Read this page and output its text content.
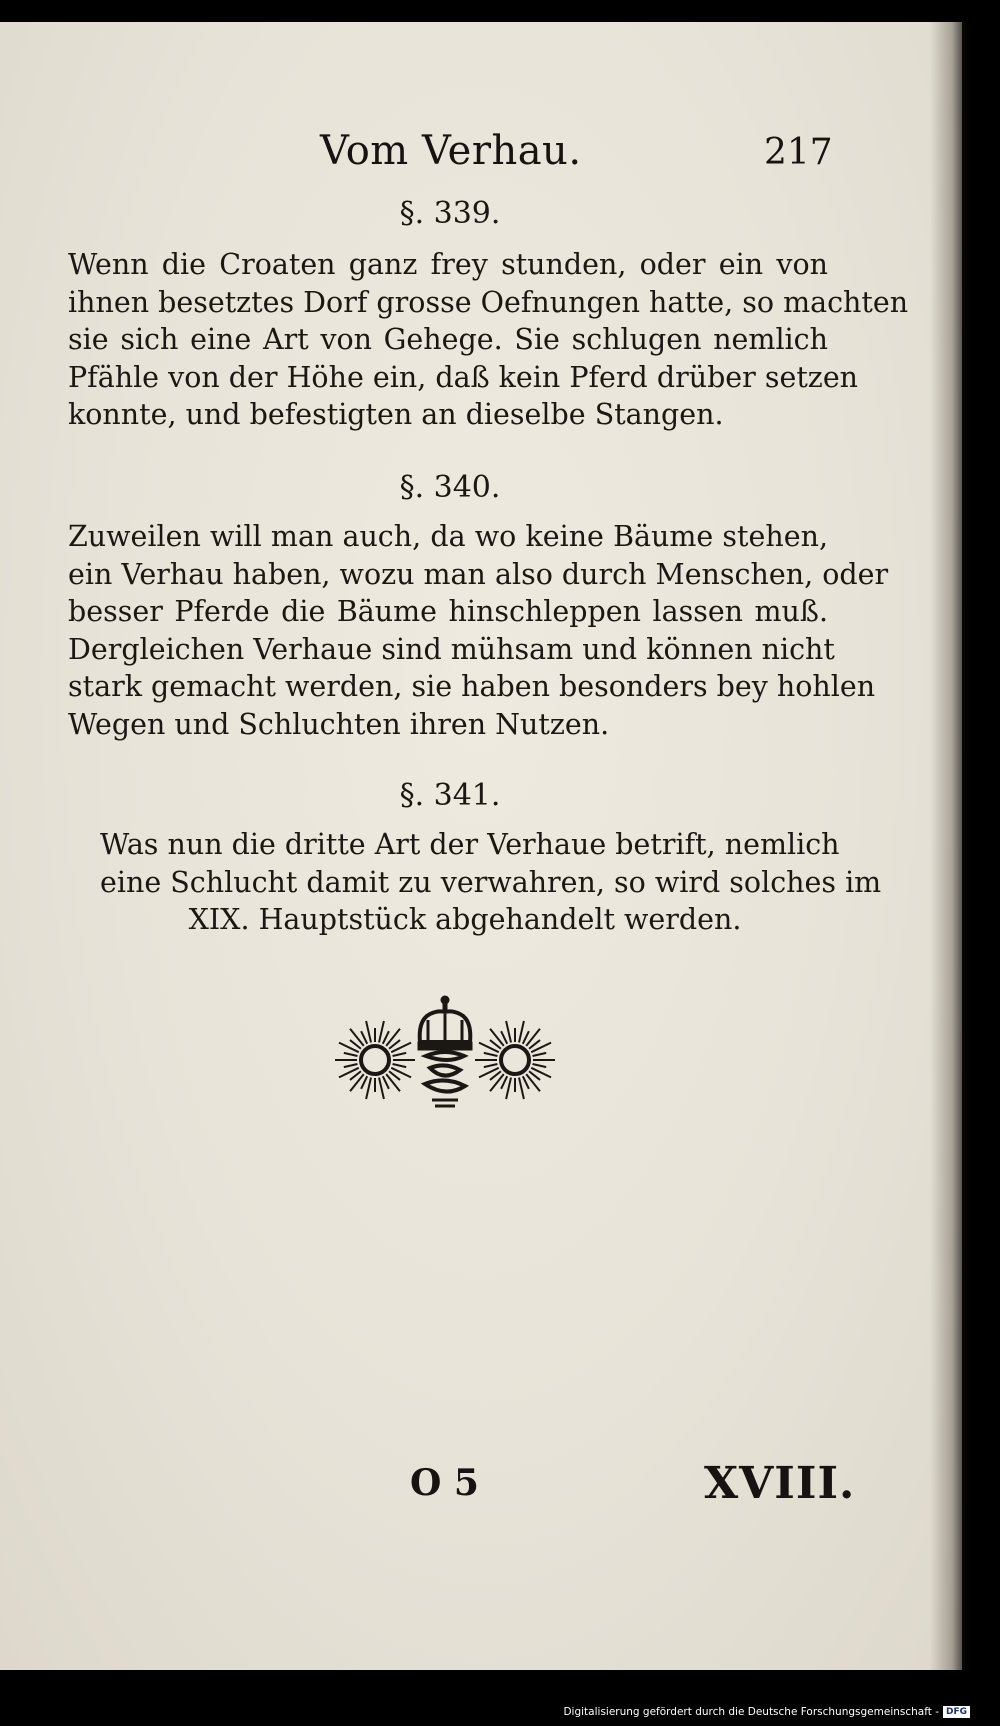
Vom Verhau.	217
§. 339.
Wenn die Croaten ganz frey stunden, oder ein von
ihnen besetztes Dorf grosse Oefnungen hatte, so machten
sie sich eine Art von Gehege. Sie schlugen nemlich
Pfähle von der Höhe ein, daß kein Pferd drüber setzen
konnte, und befestigten an dieselbe Stangen.
§. 340.
Zuweilen will man auch, da wo keine Bäume stehen,
ein Verhau haben, wozu man also durch Menschen, oder
besser Pferde die Bäume hinschleppen lassen muß.
Dergleichen Verhaue sind mühsam und können nicht
stark gemacht werden, sie haben besonders bey hohlen
Wegen und Schluchten ihren Nutzen.
§. 341.
Was nun die dritte Art der Verhaue betrift, nemlich
eine Schlucht damit zu verwahren, so wird solches im
XIX. Hauptstück abgehandelt werden.
O 5	XVIII.
Digitalisierung gefördert durch die Deutsche Forschungsgemeinschaft - DFG
